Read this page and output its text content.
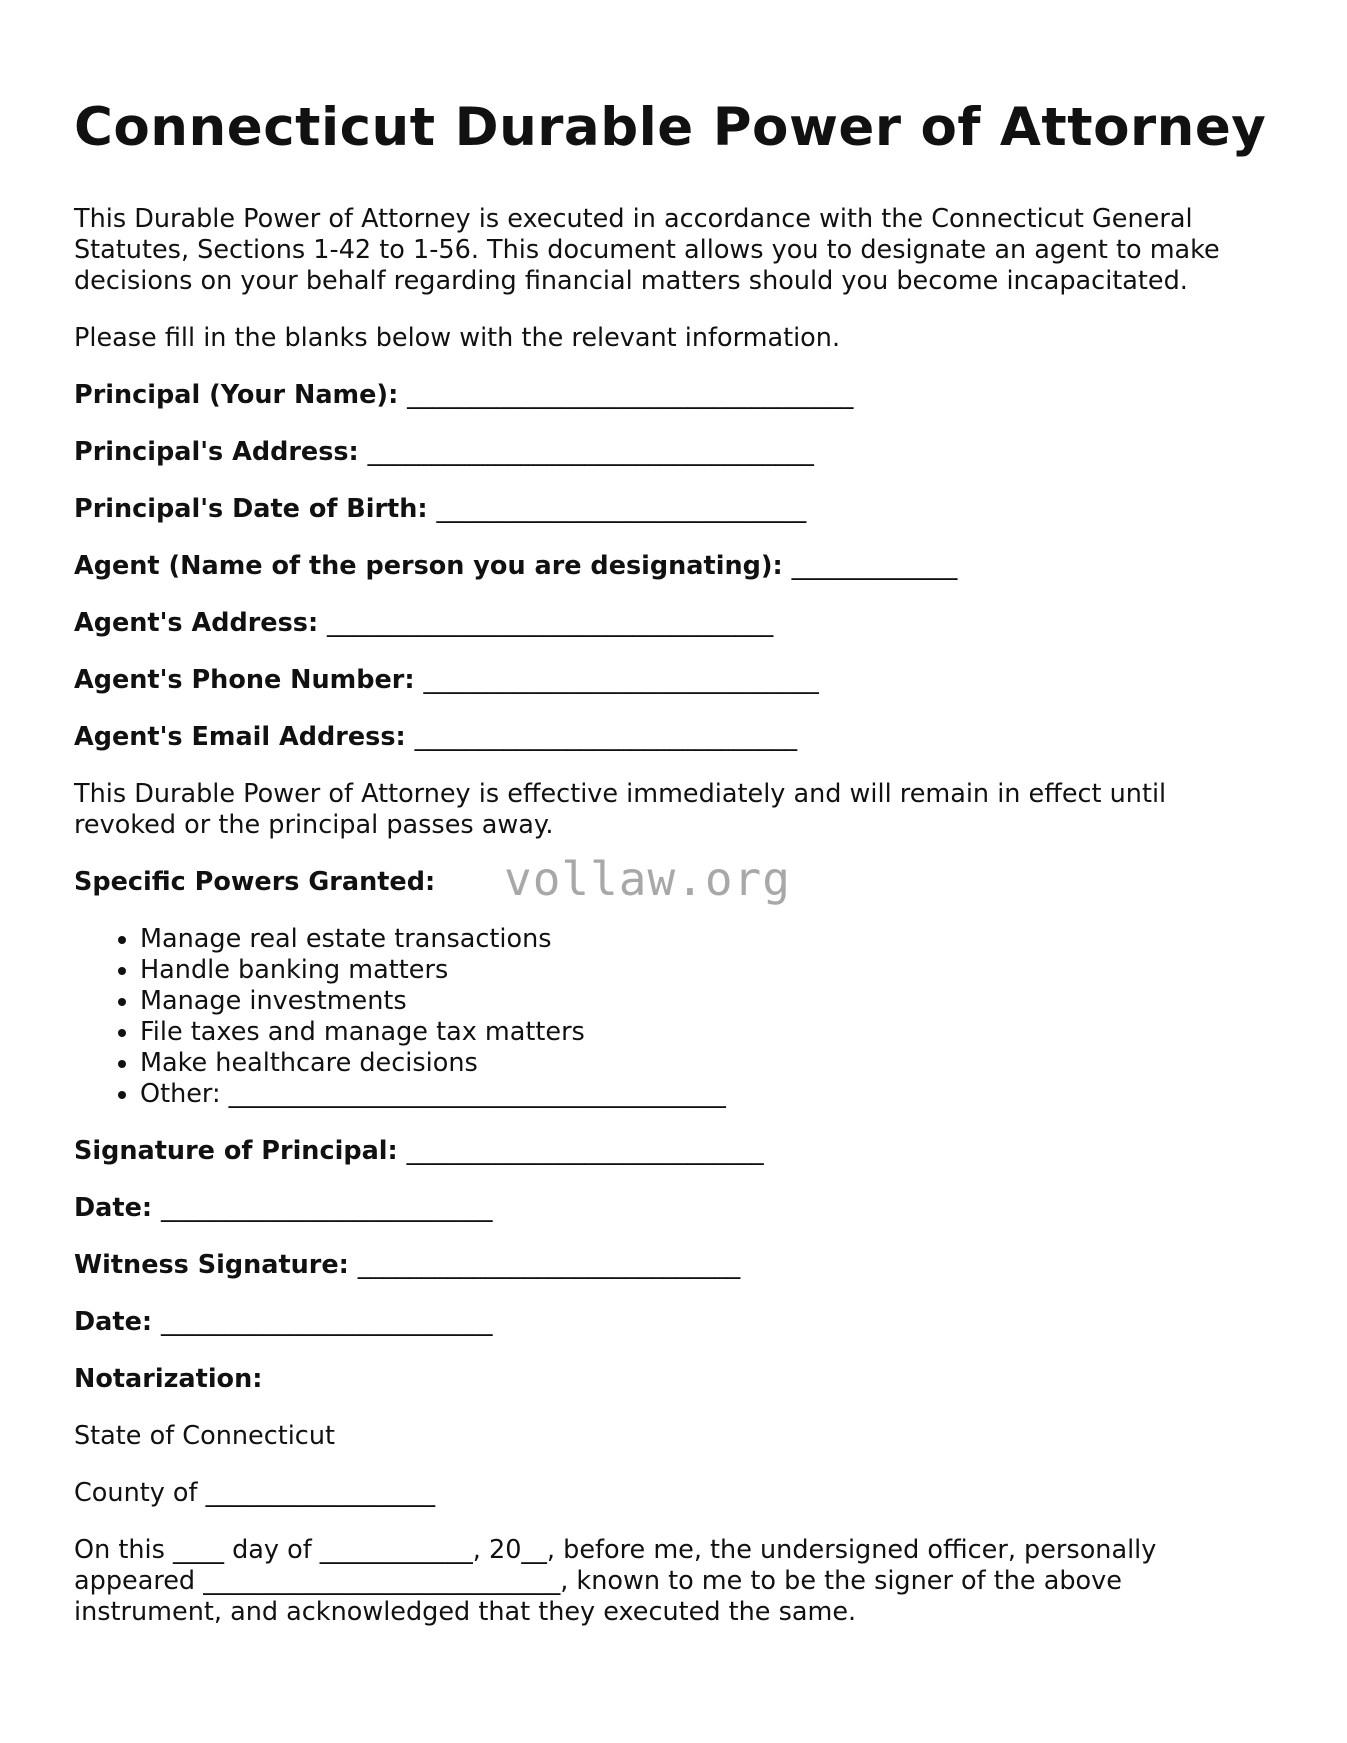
Connecticut Durable Power of Attorney

This Durable Power of Attorney is executed in accordance with the Connecticut General Statutes, Sections 1-42 to 1-56. This document allows you to designate an agent to make decisions on your behalf regarding financial matters should you become incapacitated.

Please fill in the blanks below with the relevant information.

Principal (Your Name): ___________________________________
Principal's Address: ___________________________________
Principal's Date of Birth: _____________________________
Agent (Name of the person you are designating): _____________
Agent's Address: ___________________________________
Agent's Phone Number: _______________________________
Agent's Email Address: ______________________________

This Durable Power of Attorney is effective immediately and will remain in effect until revoked or the principal passes away.

Specific Powers Granted: vollaw.org
• Manage real estate transactions
• Handle banking matters
• Manage investments
• File taxes and manage tax matters
• Make healthcare decisions
• Other: _______________________________________
Signature of Principal: ____________________________
Date: __________________________
Witness Signature: ______________________________
Date: __________________________
Notarization:

State of Connecticut

County of __________________

On this ____ day of ____________, 20__, before me, the undersigned officer, personally appeared ____________________________, known to me to be the signer of the above instrument, and acknowledged that they executed the same.
